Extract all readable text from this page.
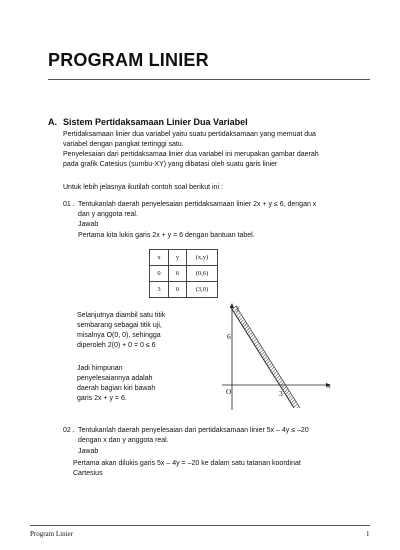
PROGRAM LINIER
A. Sistem Pertidaksamaan Linier Dua Variabel
Pertidaksamaan linier dua variabel yaitu suatu pertidaksamaan yang memuat dua
variabel dengan pangkat tertinggi satu.
Penyelesaian dari pertidaksamaa linier dua variabel ini merupakan gambar daerah
pada grafik Catesius (sumbu-XY) yang dibatasi oleh suatu garis linier
Untuk lebih jelasnya ikutilah contoh soal berikut ini :
01 . Tentukanlah daerah penyelesaian pertidaksamaan linier 2x + y ≤ 6, dengan x
dan y anggota real.
Jawab
Pertama kita lukis garis 2x + y = 6 dengan bantuan tabel.
x	y	(x,y)
0	6	(0,6)
3	0	(3,0)
Selanjutnya diambil satu titik
sembarang sebagai titik uji,
misalnya O(0, 0), sehingga
diperoleh 2(0) + 0 = 0 ≤ 6
Jadi himpunan
penyelesaiannya adalah
daerah bagian kiri bawah
garis 2x + y = 6.
y
x
O
6
3
02 . Tentukanlah daerah penyelesaian dari pertidaksamaan linier 5x – 4y ≤ –20
dengan x dan y anggota real.
Jawab
Pertama akan dilukis garis 5x – 4y = –20 ke dalam satu tatanan koordinat
Cartesius
Program Linier	1
